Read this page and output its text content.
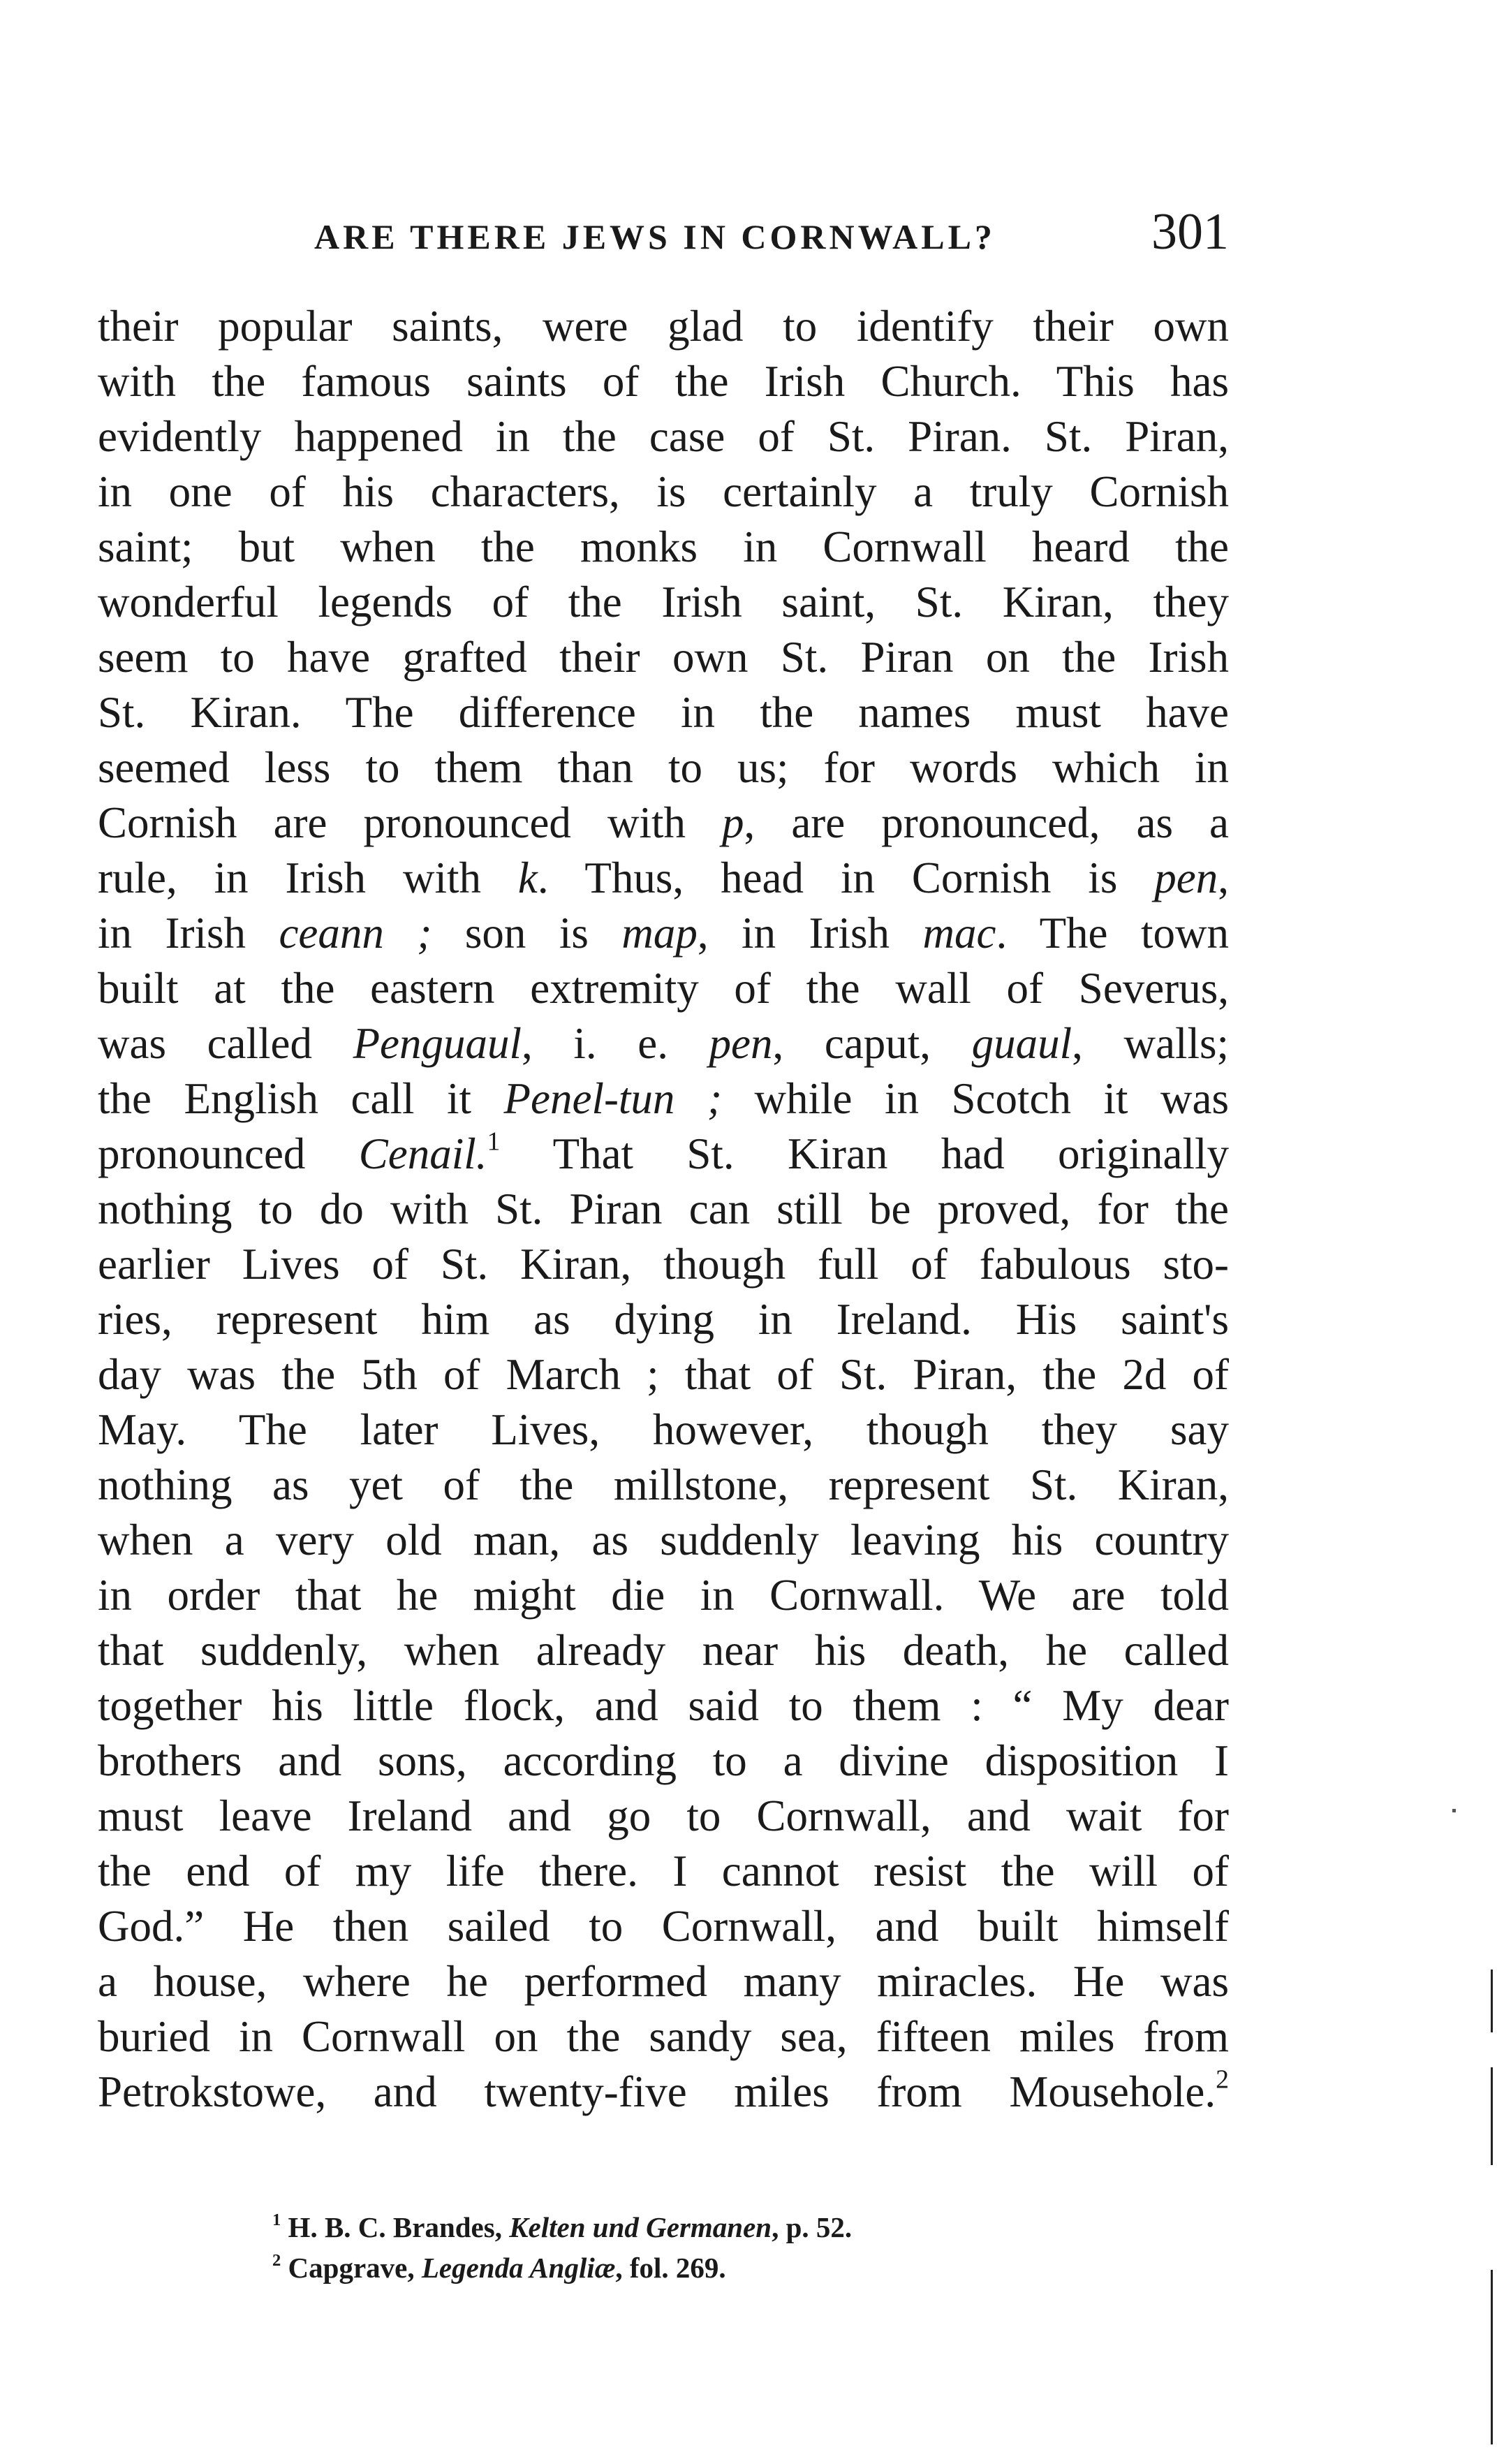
ARE THERE JEWS IN CORNWALL?	301
their popular saints, were glad to identify their own
with the famous saints of the Irish Church. This has
evidently happened in the case of St. Piran. St. Piran,
in one of his characters, is certainly a truly Cornish
saint; but when the monks in Cornwall heard the
wonderful legends of the Irish saint, St. Kiran, they
seem to have grafted their own St. Piran on the Irish
St. Kiran. The difference in the names must have
seemed less to them than to us; for words which in
Cornish are pronounced with p, are pronounced, as a
rule, in Irish with k. Thus, head in Cornish is pen,
in Irish ceann ; son is map, in Irish mac. The town
built at the eastern extremity of the wall of Severus,
was called Penguaul, i. e. pen, caput, guaul, walls;
the English call it Penel-tun ; while in Scotch it was
pronounced Cenail.$^1$ That St. Kiran had originally
nothing to do with St. Piran can still be proved, for the
earlier Lives of St. Kiran, though full of fabulous sto-
ries, represent him as dying in Ireland. His saint's
day was the 5th of March ; that of St. Piran, the 2d of
May. The later Lives, however, though they say
nothing as yet of the millstone, represent St. Kiran,
when a very old man, as suddenly leaving his country
in order that he might die in Cornwall. We are told
that suddenly, when already near his death, he called
together his little flock, and said to them : “ My dear
brothers and sons, according to a divine disposition I
must leave Ireland and go to Cornwall, and wait for
the end of my life there. I cannot resist the will of
God.” He then sailed to Cornwall, and built himself
a house, where he performed many miracles. He was
buried in Cornwall on the sandy sea, fifteen miles from
Petrokstowe, and twenty-five miles from Mousehole.$^2$
$^1$ H. B. C. Brandes, Kelten und Germanen, p. 52.
$^2$ Capgrave, Legenda Angliæ, fol. 269.
